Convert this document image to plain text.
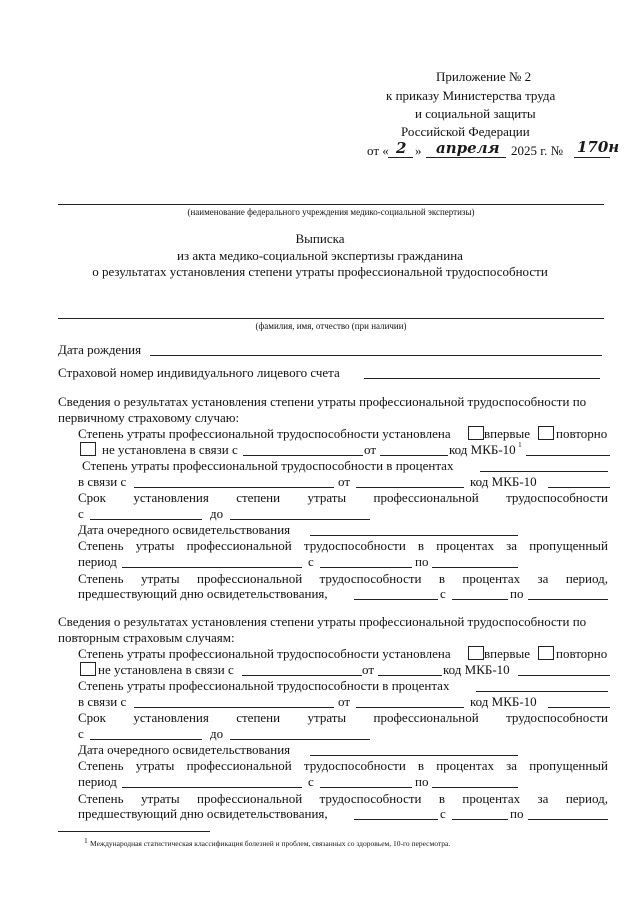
Приложение № 2
к приказу Министерства труда
и социальной защиты
Российской Федерации
от « 2 » апреля 2025 г. № 170н
(наименование федерального учреждения медико-социальной экспертизы)
Выписка
из акта медико-социальной экспертизы гражданина
о результатах установления степени утраты профессиональной трудоспособности
(фамилия, имя, отчество (при наличии)
Дата рождения
Страховой номер индивидуального лицевого счета
Сведения о результатах установления степени утраты профессиональной трудоспособности по
первичному страховому случаю:
Степень утраты профессиональной трудоспособности установлена	впервые повторно
не установлена в связи с	от	код МКБ-10 1
Степень утраты профессиональной трудоспособности в процентах
в связи с	от	код МКБ-10
Срок установления степени утраты профессиональной трудоспособности
с	до
Дата очередного освидетельствования
Степень утраты профессиональной трудоспособности в процентах за пропущенный
период	с	по
Степень утраты профессиональной трудоспособности в процентах за период,
предшествующий дню освидетельствования,	с	по
Сведения о результатах установления степени утраты профессиональной трудоспособности по
повторным страховым случаям:
Степень утраты профессиональной трудоспособности установлена	впервые повторно
не установлена в связи с	от	код МКБ-10
Степень утраты профессиональной трудоспособности в процентах
в связи с	от	код МКБ-10
Срок установления степени утраты профессиональной трудоспособности
с	до
Дата очередного освидетельствования
Степень утраты профессиональной трудоспособности в процентах за пропущенный
период	с	по
Степень утраты профессиональной трудоспособности в процентах за период,
предшествующий дню освидетельствования,	с	по
1 Международная статистическая классификация болезней и проблем, связанных со здоровьем, 10-го пересмотра.
